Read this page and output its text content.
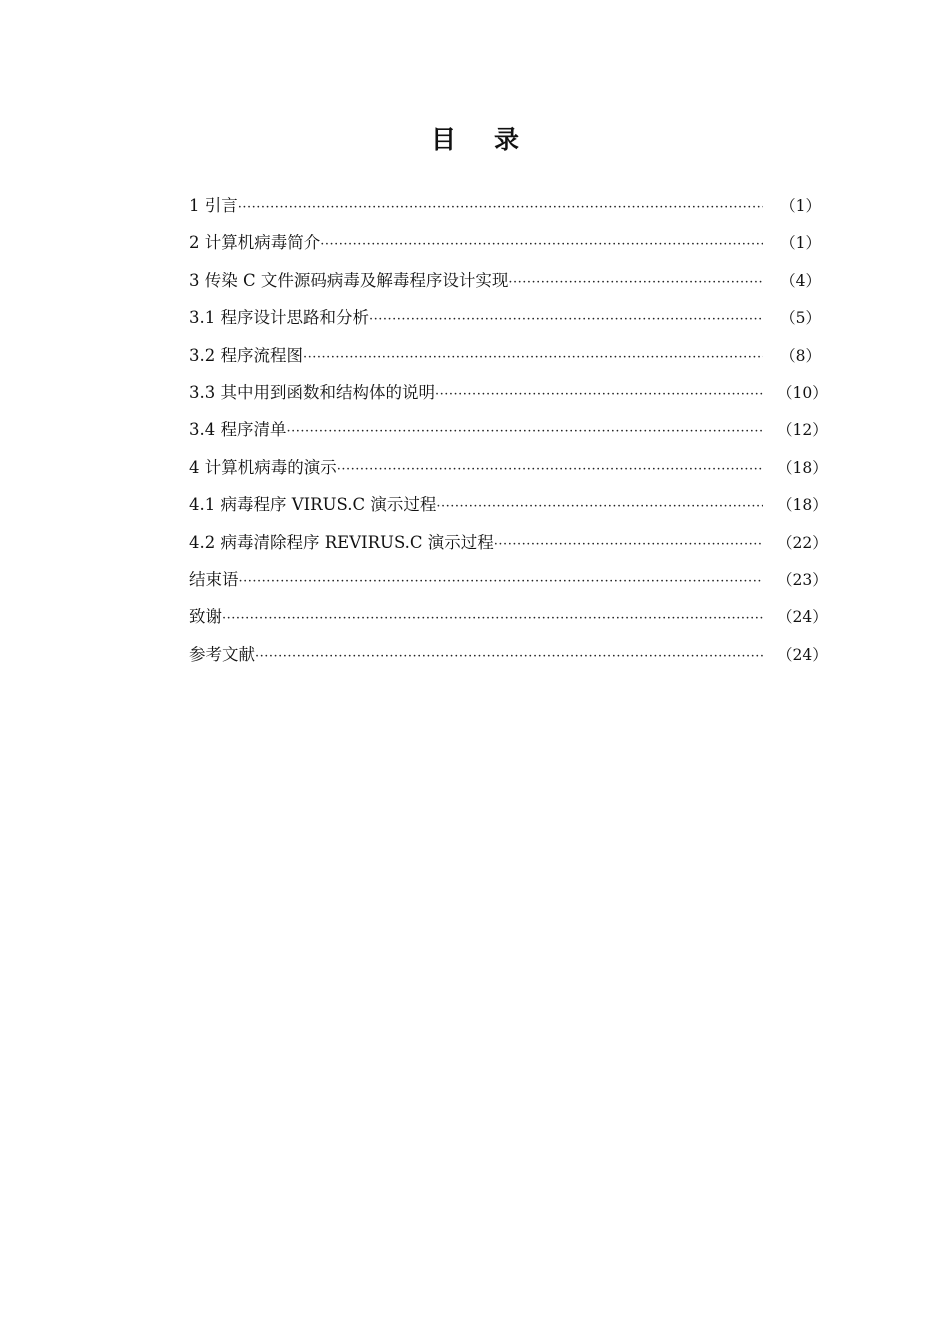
目录
1 引言 ·····	（1）
2 计算机病毒简介 ·····	（1）
3 传染 C 文件源码病毒及解毒程序设计实现 ·····	（4）
3.1 程序设计思路和分析 ·····	（5）
3.2 程序流程图 ·····	（8）
3.3 其中用到函数和结构体的说明 ·····	（10）
3.4 程序清单 ·····	（12）
4 计算机病毒的演示 ·····	（18）
4.1 病毒程序 VIRUS.C 演示过程 ·····	（18）
4.2 病毒清除程序 REVIRUS.C 演示过程 ·····	（22）
结束语 ·····	（23）
致谢 ·····	（24）
参考文献 ·····	（24）
